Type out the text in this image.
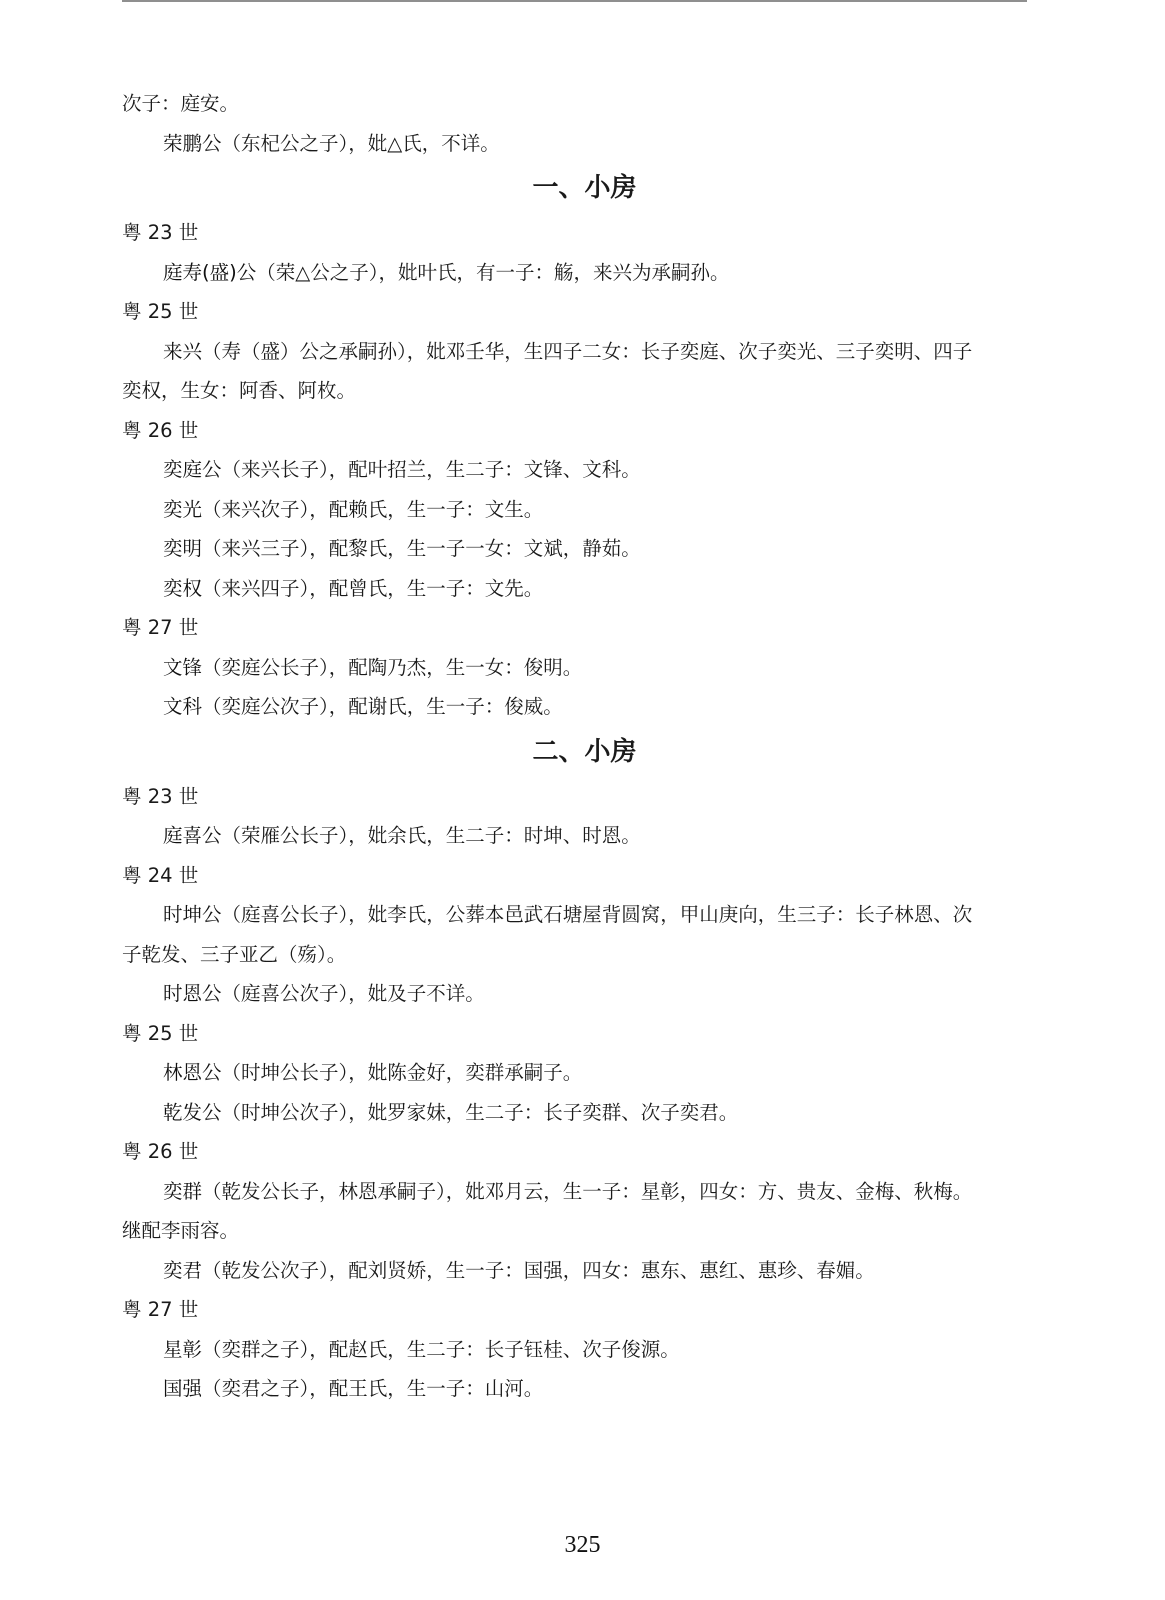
次子：庭安。
荣鹏公（东杞公之子），妣△氏，不详。
一、小房
粤 23 世
庭寿(盛)公（荣△公之子），妣叶氏，有一子：觞，来兴为承嗣孙。
粤 25 世
来兴（寿（盛）公之承嗣孙），妣邓壬华，生四子二女：长子奕庭、次子奕光、三子奕明、四子
奕权，生女：阿香、阿枚。
粤 26 世
奕庭公（来兴长子），配叶招兰，生二子：文锋、文科。
奕光（来兴次子），配赖氏，生一子：文生。
奕明（来兴三子），配黎氏，生一子一女：文斌，静茹。
奕权（来兴四子），配曾氏，生一子：文先。
粤 27 世
文锋（奕庭公长子），配陶乃杰，生一女：俊明。
文科（奕庭公次子），配谢氏，生一子：俊威。
二、小房
粤 23 世
庭喜公（荣雁公长子），妣余氏，生二子：时坤、时恩。
粤 24 世
时坤公（庭喜公长子），妣李氏，公葬本邑武石塘屋背圆窝，甲山庚向，生三子：长子林恩、次
子乾发、三子亚乙（殇）。
时恩公（庭喜公次子），妣及子不详。
粤 25 世
林恩公（时坤公长子），妣陈金好，奕群承嗣子。
乾发公（时坤公次子），妣罗家妹，生二子：长子奕群、次子奕君。
粤 26 世
奕群（乾发公长子，林恩承嗣子），妣邓月云，生一子：星彰，四女：方、贵友、金梅、秋梅。
继配李雨容。
奕君（乾发公次子），配刘贤娇，生一子：国强，四女：惠东、惠红、惠珍、春媚。
粤 27 世
星彰（奕群之子），配赵氏，生二子：长子钰桂、次子俊源。
国强（奕君之子），配王氏，生一子：山河。
325
